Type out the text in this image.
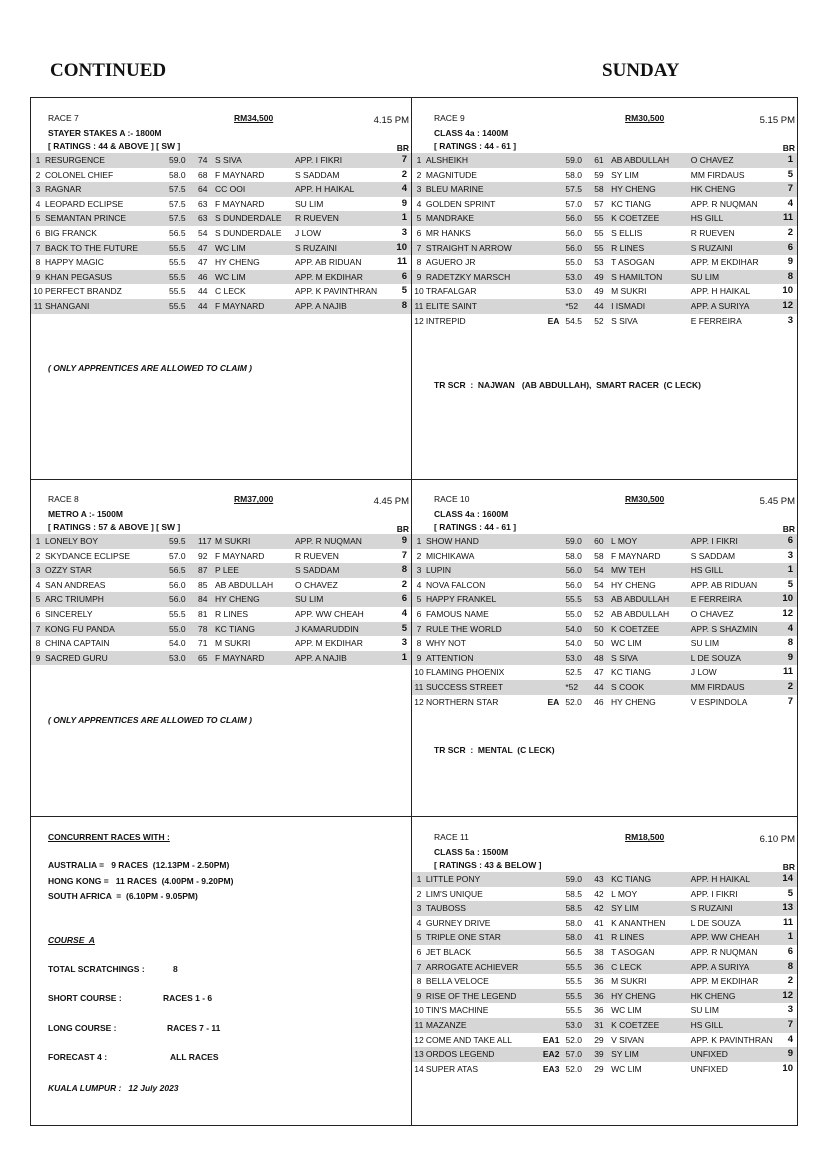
CONTINUED	SUNDAY
RACE 7	RM34,500	4.15 PM
STAYER STAKES A :- 1800M
[ RATINGS : 44 & ABOVE ] [ SW ]	BR
1	RESURGENCE		59.0	74	S SIVA	APP. I FIKRI	7
2	COLONEL CHIEF		58.0	68	F MAYNARD	S SADDAM	2
3	RAGNAR		57.5	64	CC OOI	APP. H HAIKAL	4
4	LEOPARD ECLIPSE		57.5	63	F MAYNARD	SU LIM	9
5	SEMANTAN PRINCE		57.5	63	S DUNDERDALE	R RUEVEN	1
6	BIG FRANCK		56.5	54	S DUNDERDALE	J LOW	3
7	BACK TO THE FUTURE		55.5	47	WC LIM	S RUZAINI	10
8	HAPPY MAGIC		55.5	47	HY CHENG	APP. AB RIDUAN	11
9	KHAN PEGASUS		55.5	46	WC LIM	APP. M EKDIHAR	6
10	PERFECT BRANDZ		55.5	44	C LECK	APP. K PAVINTHRAN	5
11	SHANGANI		55.5	44	F MAYNARD	APP. A NAJIB	8
( ONLY APPRENTICES ARE ALLOWED TO CLAIM )
RACE 9	RM30,500	5.15 PM
CLASS 4a : 1400M
[ RATINGS : 44 - 61 ]	BR
1	ALSHEIKH		59.0	61	AB ABDULLAH	O CHAVEZ	1
2	MAGNITUDE		58.0	59	SY LIM	MM FIRDAUS	5
3	BLEU MARINE		57.5	58	HY CHENG	HK CHENG	7
4	GOLDEN SPRINT		57.0	57	KC TIANG	APP. R NUQMAN	4
5	MANDRAKE		56.0	55	K COETZEE	HS GILL	11
6	MR HANKS		56.0	55	S ELLIS	R RUEVEN	2
7	STRAIGHT N ARROW		56.0	55	R LINES	S RUZAINI	6
8	AGUERO JR		55.0	53	T ASOGAN	APP. M EKDIHAR	9
9	RADETZKY MARSCH		53.0	49	S HAMILTON	SU LIM	8
10	TRAFALGAR		53.0	49	M SUKRI	APP. H HAIKAL	10
11	ELITE SAINT		*52	44	I ISMADI	APP. A SURIYA	12
12	INTREPID	EA	54.5	52	S SIVA	E FERREIRA	3
TR SCR  :  NAJWAN   (AB ABDULLAH),  SMART RACER  (C LECK)
RACE 8	RM37,000	4.45 PM
METRO A :- 1500M
[ RATINGS : 57 & ABOVE ] [ SW ]	BR
1	LONELY BOY		59.5	117	M SUKRI	APP. R NUQMAN	9
2	SKYDANCE ECLIPSE		57.0	92	F MAYNARD	R RUEVEN	7
3	OZZY STAR		56.5	87	P LEE	S SADDAM	8
4	SAN ANDREAS		56.0	85	AB ABDULLAH	O CHAVEZ	2
5	ARC TRIUMPH		56.0	84	HY CHENG	SU LIM	6
6	SINCERELY		55.5	81	R LINES	APP. WW CHEAH	4
7	KONG FU PANDA		55.0	78	KC TIANG	J KAMARUDDIN	5
8	CHINA CAPTAIN		54.0	71	M SUKRI	APP. M EKDIHAR	3
9	SACRED GURU		53.0	65	F MAYNARD	APP. A NAJIB	1
( ONLY APPRENTICES ARE ALLOWED TO CLAIM )
RACE 10	RM30,500	5.45 PM
CLASS 4a : 1600M
[ RATINGS : 44 - 61 ]	BR
1	SHOW HAND		59.0	60	L MOY	APP. I FIKRI	6
2	MICHIKAWA		58.0	58	F MAYNARD	S SADDAM	3
3	LUPIN		56.0	54	MW TEH	HS GILL	1
4	NOVA FALCON		56.0	54	HY CHENG	APP. AB RIDUAN	5
5	HAPPY FRANKEL		55.5	53	AB ABDULLAH	E FERREIRA	10
6	FAMOUS NAME		55.0	52	AB ABDULLAH	O CHAVEZ	12
7	RULE THE WORLD		54.0	50	K COETZEE	APP. S SHAZMIN	4
8	WHY NOT		54.0	50	WC LIM	SU LIM	8
9	ATTENTION		53.0	48	S SIVA	L DE SOUZA	9
10	FLAMING PHOENIX		52.5	47	KC TIANG	J LOW	11
11	SUCCESS STREET		*52	44	S COOK	MM FIRDAUS	2
12	NORTHERN STAR	EA	52.0	46	HY CHENG	V ESPINDOLA	7
TR SCR  :  MENTAL  (C LECK)
CONCURRENT RACES WITH :
AUSTRALIA =   9 RACES  (12.13PM - 2.50PM)
HONG KONG =   11 RACES  (4.00PM - 9.20PM)
SOUTH AFRICA  =  (6.10PM - 9.05PM)
COURSE  A
TOTAL SCRATCHINGS :	8
SHORT COURSE :	RACES 1 - 6
LONG COURSE :	RACES 7 - 11
FORECAST 4 :	ALL RACES
KUALA LUMPUR :   12 July 2023
RACE 11	RM18,500	6.10 PM
CLASS 5a : 1500M
[ RATINGS : 43 & BELOW ]	BR
1	LITTLE PONY		59.0	43	KC TIANG	APP. H HAIKAL	14
2	LIM'S UNIQUE		58.5	42	L MOY	APP. I FIKRI	5
3	TAUBOSS		58.5	42	SY LIM	S RUZAINI	13
4	GURNEY DRIVE		58.0	41	K ANANTHEN	L DE SOUZA	11
5	TRIPLE ONE STAR		58.0	41	R LINES	APP. WW CHEAH	1
6	JET BLACK		56.5	38	T ASOGAN	APP. R NUQMAN	6
7	ARROGATE ACHIEVER		55.5	36	C LECK	APP. A SURIYA	8
8	BELLA VELOCE		55.5	36	M SUKRI	APP. M EKDIHAR	2
9	RISE OF THE LEGEND		55.5	36	HY CHENG	HK CHENG	12
10	TIN'S MACHINE		55.5	36	WC LIM	SU LIM	3
11	MAZANZE		53.0	31	K COETZEE	HS GILL	7
12	COME AND TAKE ALL	EA1	52.0	29	V SIVAN	APP. K PAVINTHRAN	4
13	ORDOS LEGEND	EA2	57.0	39	SY LIM	UNFIXED	9
14	SUPER ATAS	EA3	52.0	29	WC LIM	UNFIXED	10
